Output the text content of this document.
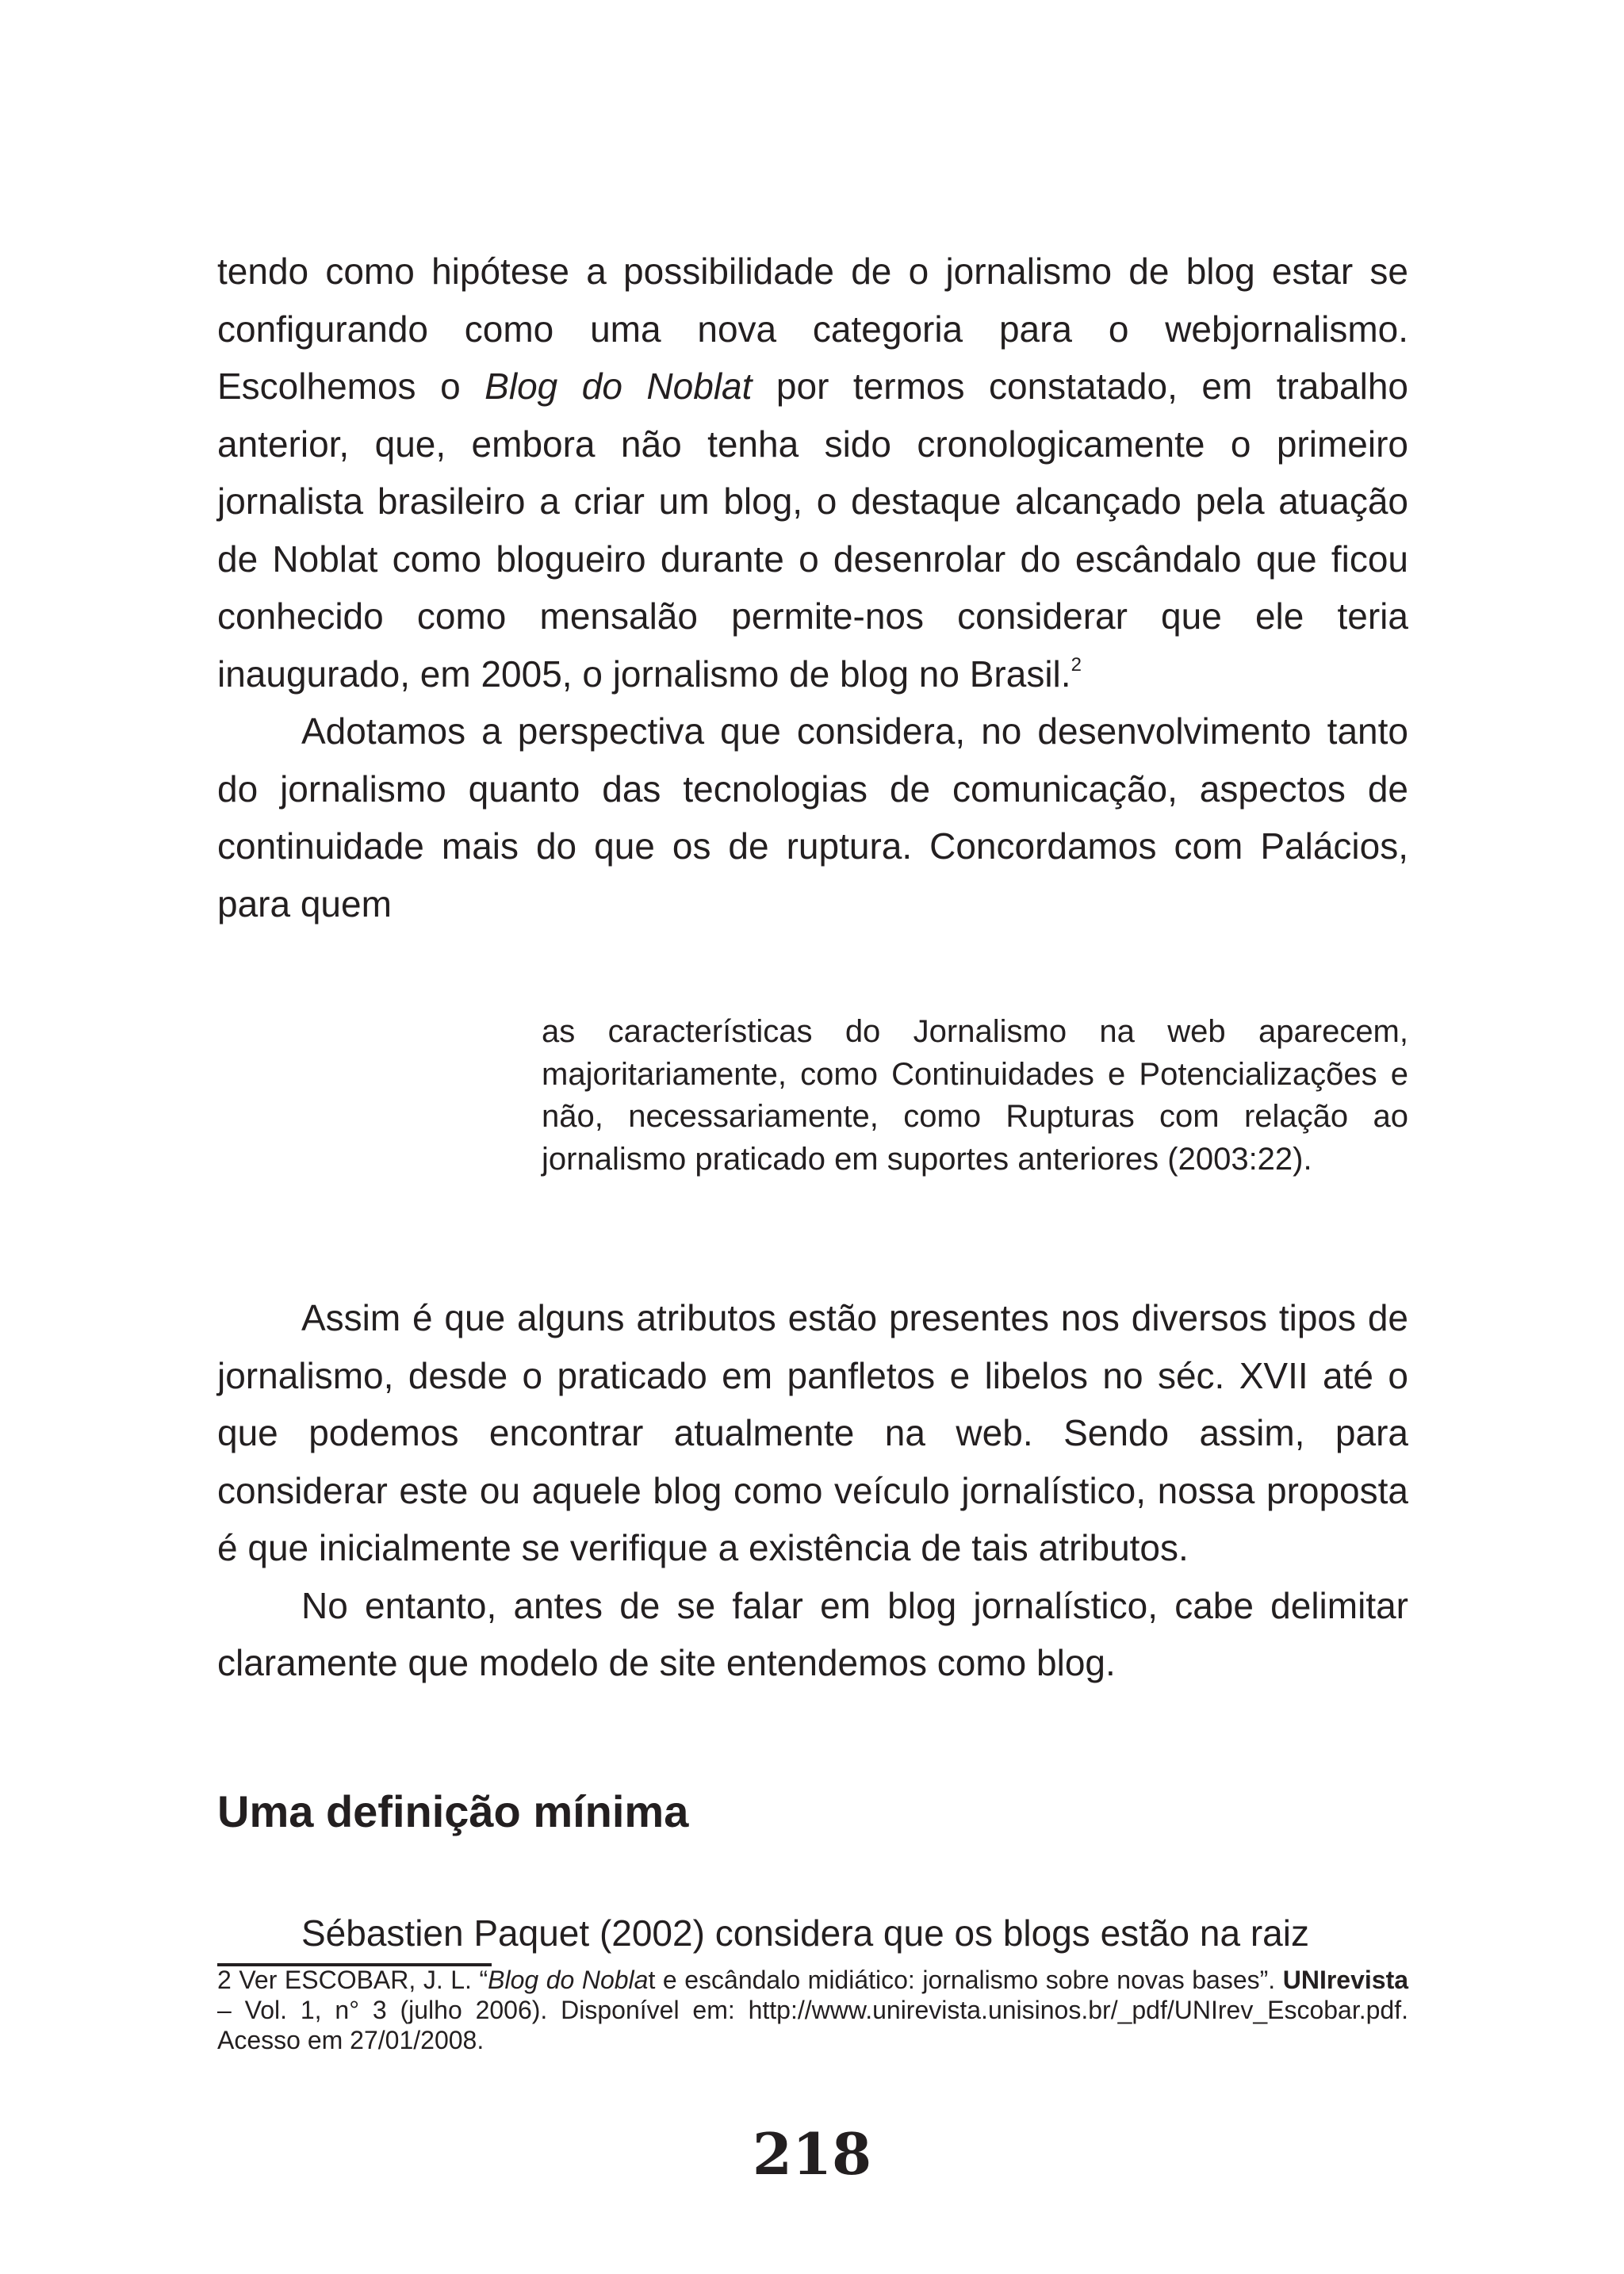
tendo como hipótese a possibilidade de o jornalismo de blog estar se configurando como uma nova categoria para o webjornalismo. Escolhemos o Blog do Noblat por termos constatado, em trabalho anterior, que, embora não tenha sido cronologicamente o primeiro jornalista brasileiro a criar um blog, o destaque alcançado pela atuação de Noblat como blogueiro durante o desenrolar do escândalo que ficou conhecido como mensalão permite-nos considerar que ele teria inaugurado, em 2005, o jornalismo de blog no Brasil.$^2$

Adotamos a perspectiva que considera, no desenvolvimento tanto do jornalismo quanto das tecnologias de comunicação, aspectos de continuidade mais do que os de ruptura. Concordamos com Palácios, para quem

as características do Jornalismo na web aparecem, majoritariamente, como Continuidades e Potencializações e não, necessariamente, como Rupturas com relação ao jornalismo praticado em suportes anteriores (2003:22).

Assim é que alguns atributos estão presentes nos diversos tipos de jornalismo, desde o praticado em panfletos e libelos no séc. XVII até o que podemos encontrar atualmente na web. Sendo assim, para considerar este ou aquele blog como veículo jornalístico, nossa proposta é que inicialmente se verifique a existência de tais atributos.

No entanto, antes de se falar em blog jornalístico, cabe delimitar claramente que modelo de site entendemos como blog.

Uma definição mínima

Sébastien Paquet (2002) considera que os blogs estão na raiz

2 Ver ESCOBAR, J. L. “Blog do Noblat e escândalo midiático: jornalismo sobre novas bases”. UNIrevista – Vol. 1, n° 3 (julho 2006). Disponível em: http://www.unirevista.unisinos.br/_pdf/UNIrev_Escobar.pdf. Acesso em 27/01/2008.

218
